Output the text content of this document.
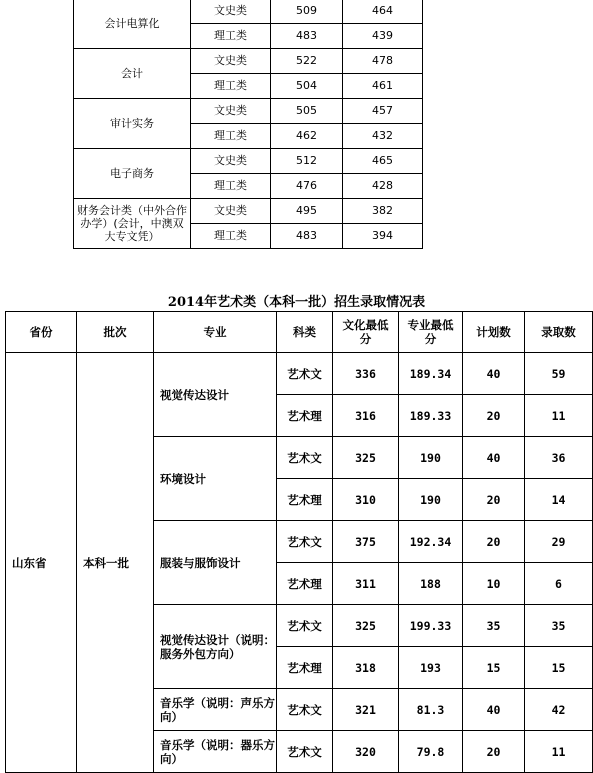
会计电算化	文史类	509	464
	理工类	483	439
会计	文史类	522	478
	理工类	504	461
审计实务	文史类	505	457
	理工类	462	432
电子商务	文史类	512	465
	理工类	476	428
财务会计类（中外合作办学）(会计，中澳双大专文凭）	文史类	495	382
	理工类	483	394
2014年艺术类（本科一批）招生录取情况表
省份	批次	专业	科类	文化最低分	专业最低分	计划数	录取数
山东省	本科一批	视觉传达设计	艺术文	336	189.34	40	59
			艺术理	316	189.33	20	11
		环境设计	艺术文	325	190	40	36
			艺术理	310	190	20	14
		服装与服饰设计	艺术文	375	192.34	20	29
			艺术理	311	188	10	6
		视觉传达设计（说明：服务外包方向）	艺术文	325	199.33	35	35
			艺术理	318	193	15	15
		音乐学（说明：声乐方向）	艺术文	321	81.3	40	42
		音乐学（说明：器乐方向）	艺术文	320	79.8	20	11
